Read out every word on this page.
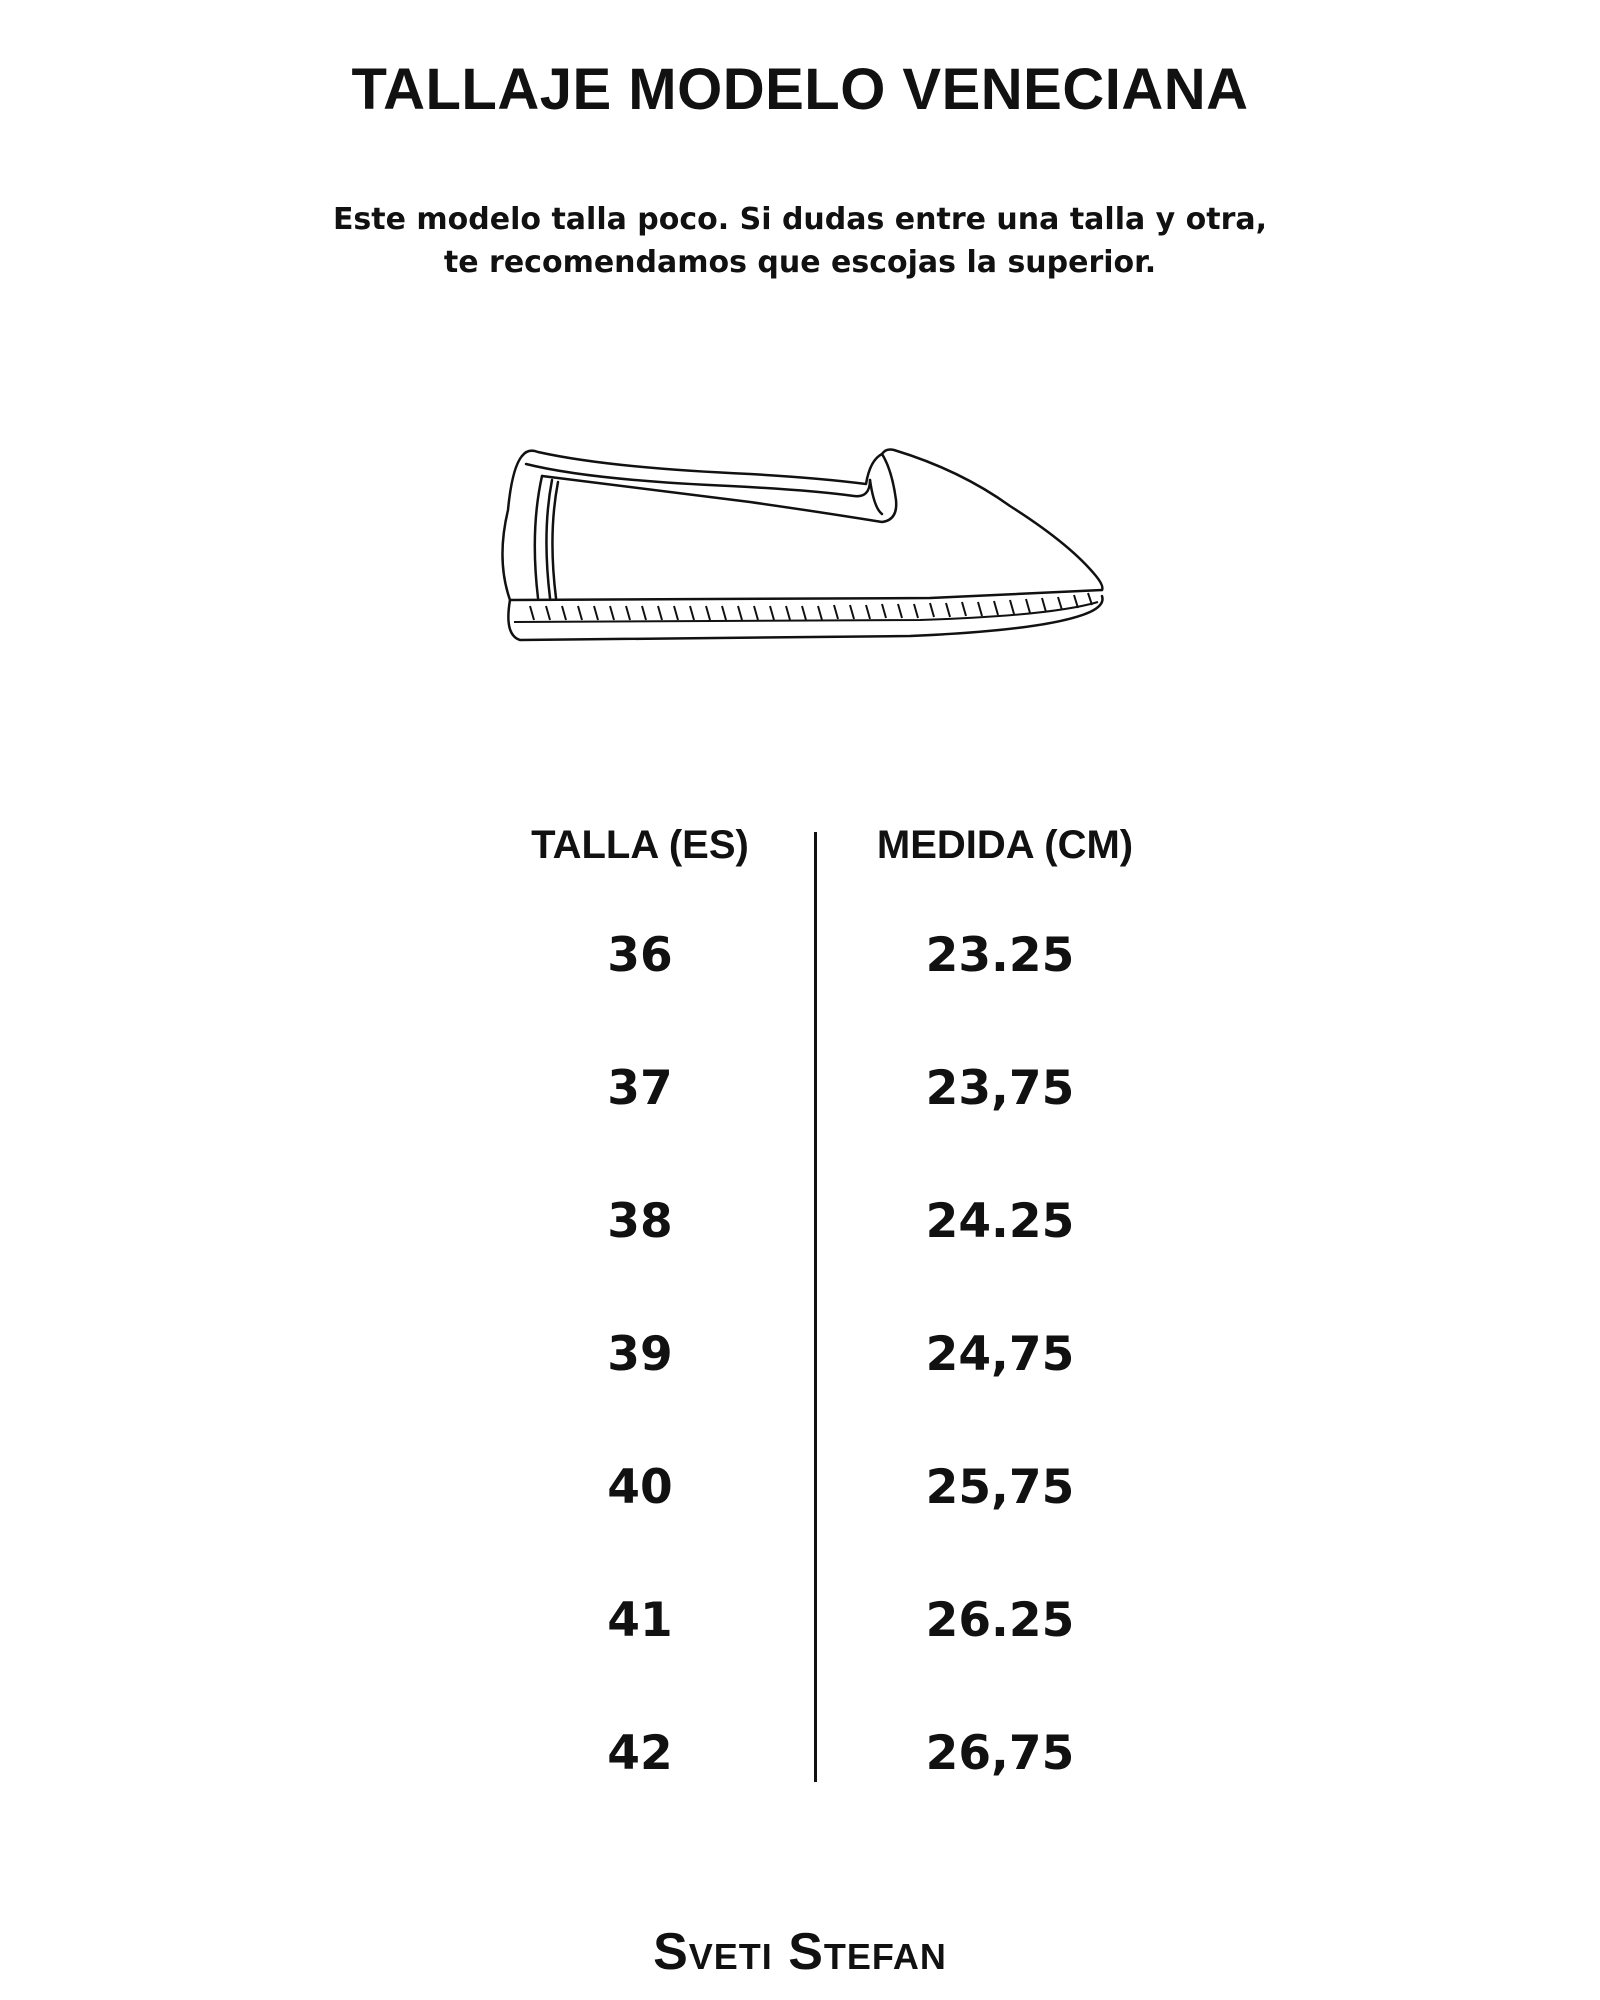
TALLAJE MODELO VENECIANA
Este modelo talla poco. Si dudas entre una talla y otra,
te recomendamos que escojas la superior.
TALLA (ES)	MEDIDA (CM)
36	23.25
37	23,75
38	24.25
39	24,75
40	25,75
41	26.25
42	26,75
Sveti Stefan
